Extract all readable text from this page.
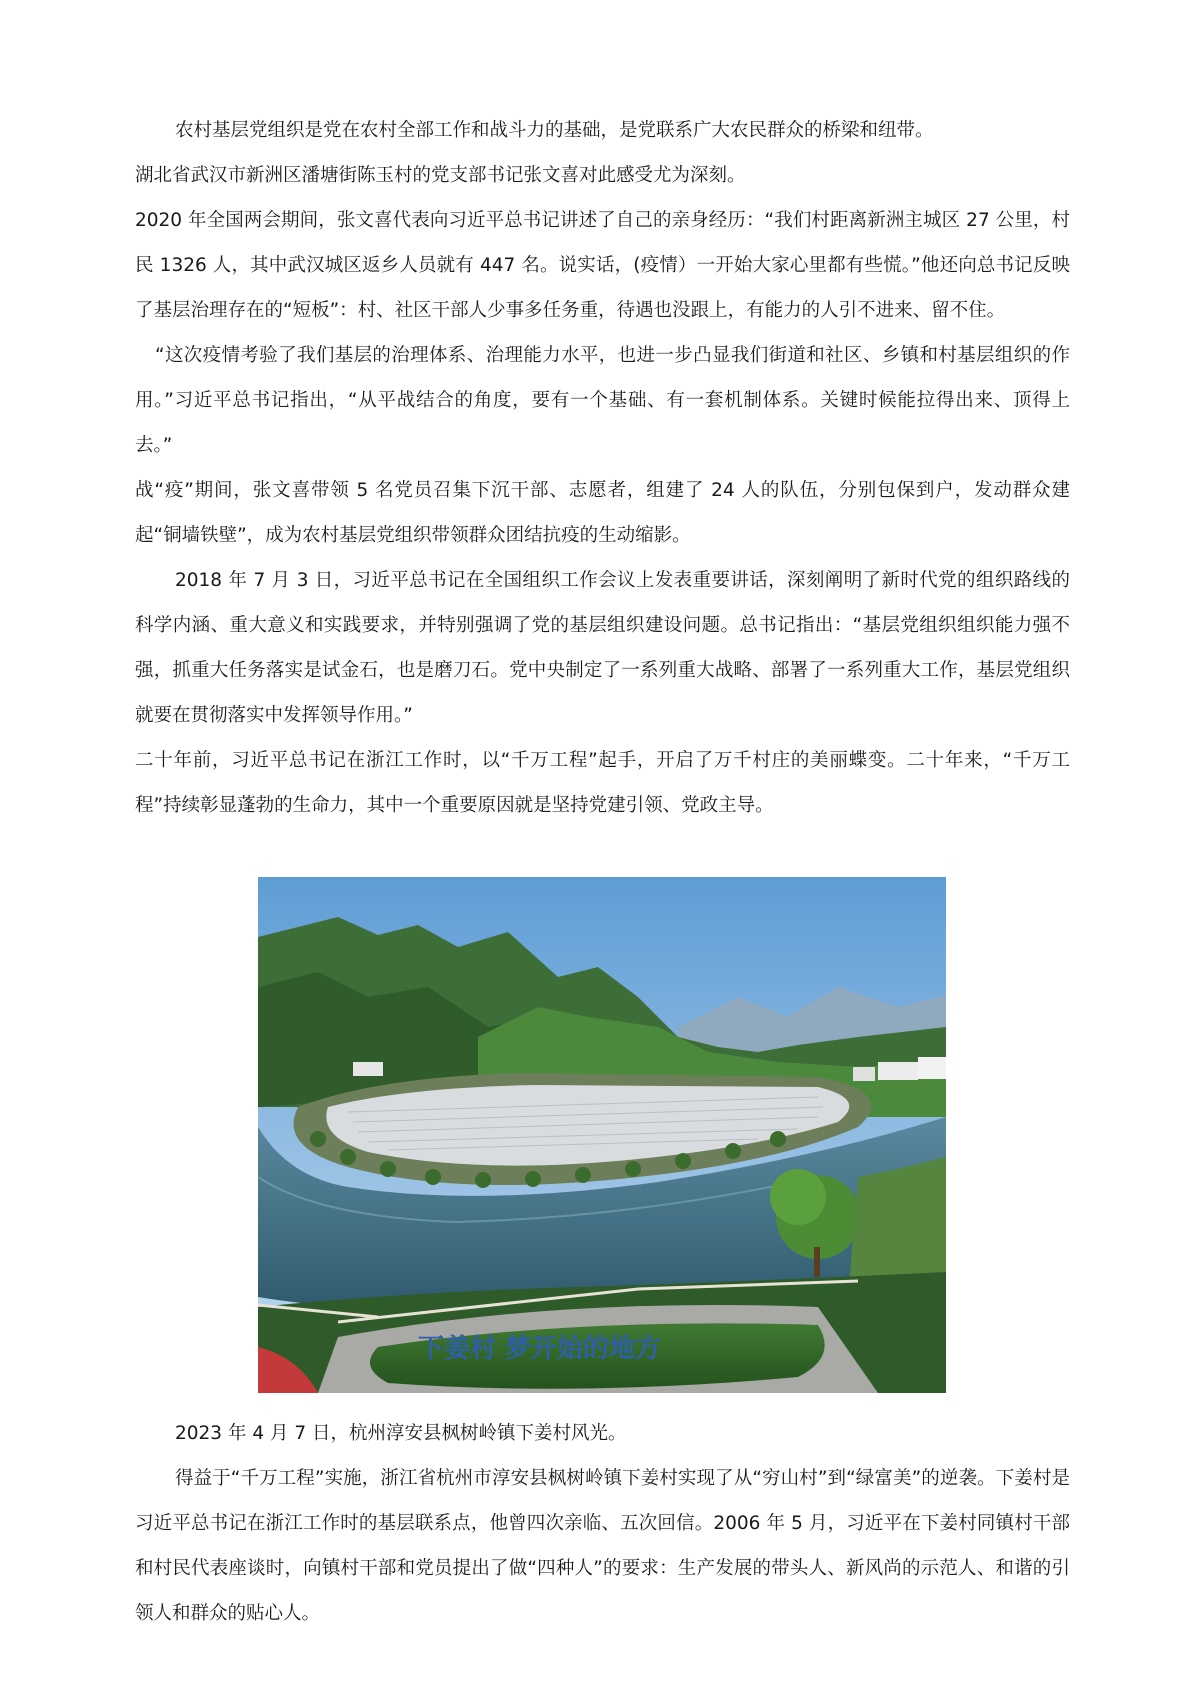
农村基层党组织是党在农村全部工作和战斗力的基础，是党联系广大农民群众的桥梁和纽带。

湖北省武汉市新洲区潘塘街陈玉村的党支部书记张文喜对此感受尤为深刻。

2020 年全国两会期间，张文喜代表向习近平总书记讲述了自己的亲身经历：“我们村距离新洲主城区 27 公里，村民 1326 人，其中武汉城区返乡人员就有 447 名。说实话，(疫情）一开始大家心里都有些慌。”他还向总书记反映了基层治理存在的“短板”：村、社区干部人少事多任务重，待遇也没跟上，有能力的人引不进来、留不住。

“这次疫情考验了我们基层的治理体系、治理能力水平，也进一步凸显我们街道和社区、乡镇和村基层组织的作用。”习近平总书记指出，“从平战结合的角度，要有一个基础、有一套机制体系。关键时候能拉得出来、顶得上去。”

战“疫”期间，张文喜带领 5 名党员召集下沉干部、志愿者，组建了 24 人的队伍，分别包保到户，发动群众建起“铜墙铁壁”，成为农村基层党组织带领群众团结抗疫的生动缩影。

2018 年 7 月 3 日，习近平总书记在全国组织工作会议上发表重要讲话，深刻阐明了新时代党的组织路线的科学内涵、重大意义和实践要求，并特别强调了党的基层组织建设问题。总书记指出：“基层党组织组织能力强不强，抓重大任务落实是试金石，也是磨刀石。党中央制定了一系列重大战略、部署了一系列重大工作，基层党组织就要在贯彻落实中发挥领导作用。”

二十年前，习近平总书记在浙江工作时，以“千万工程”起手，开启了万千村庄的美丽蝶变。二十年来，“千万工程”持续彰显蓬勃的生命力，其中一个重要原因就是坚持党建引领、党政主导。

下姜村 梦开始的地方
2023 年 4 月 7 日，杭州淳安县枫树岭镇下姜村风光。

得益于“千万工程”实施，浙江省杭州市淳安县枫树岭镇下姜村实现了从“穷山村”到“绿富美”的逆袭。下姜村是习近平总书记在浙江工作时的基层联系点，他曾四次亲临、五次回信。2006 年 5 月，习近平在下姜村同镇村干部和村民代表座谈时，向镇村干部和党员提出了做“四种人”的要求：生产发展的带头人、新风尚的示范人、和谐的引领人和群众的贴心人。
